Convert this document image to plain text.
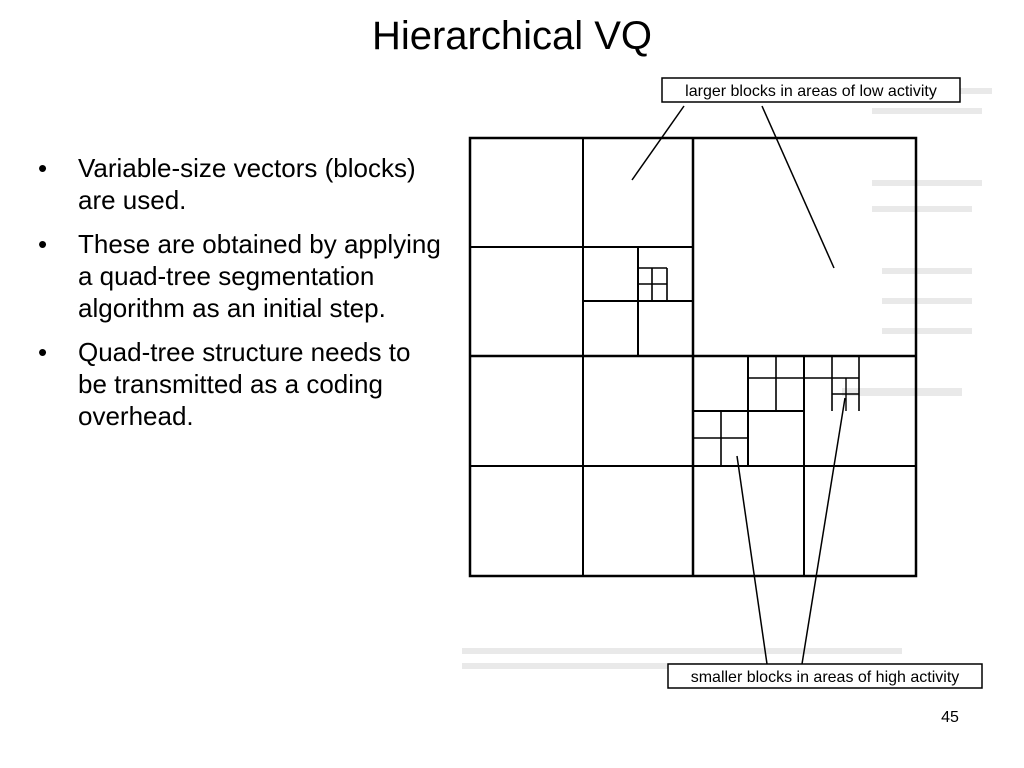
Hierarchical VQ
• Variable-size vectors (blocks) are used.
• These are obtained by applying a quad-tree segmentation algorithm as an initial step.
• Quad-tree structure needs to be transmitted as a coding overhead.
larger blocks in areas of low activity
smaller blocks in areas of high activity
45
